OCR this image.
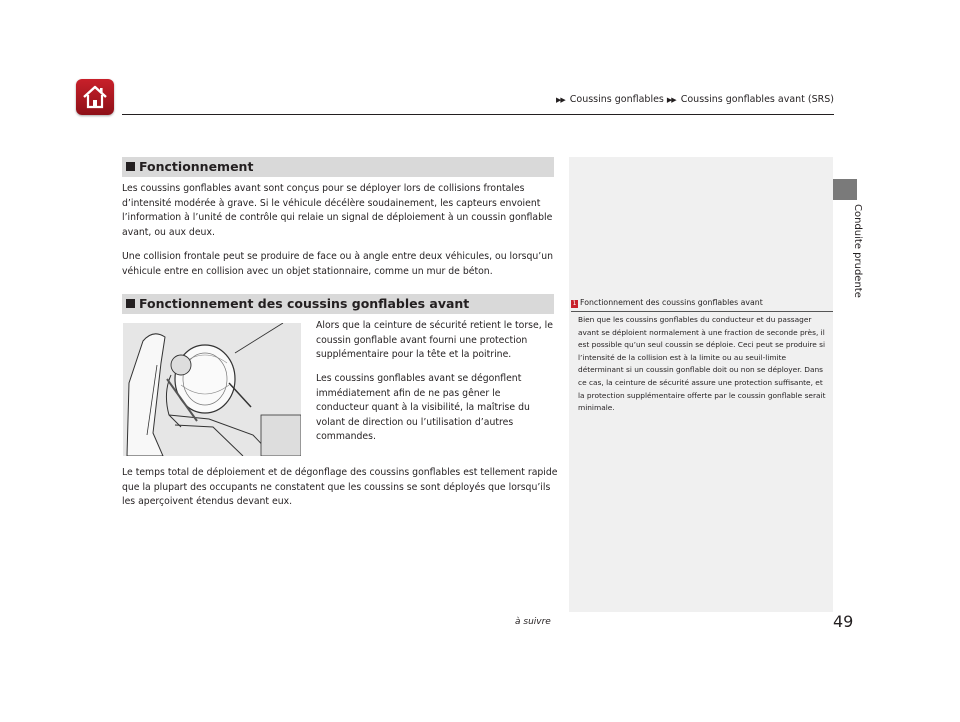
▶▶ Coussins gonflables ▶▶ Coussins gonflables avant (SRS)
Conduite prudente
Fonctionnement
Les coussins gonflables avant sont conçus pour se déployer lors de collisions frontales d’intensité modérée à grave. Si le véhicule décélère soudainement, les capteurs envoient l’information à l’unité de contrôle qui relaie un signal de déploiement à un coussin gonflable avant, ou aux deux.
Une collision frontale peut se produire de face ou à angle entre deux véhicules, ou lorsqu’un véhicule entre en collision avec un objet stationnaire, comme un mur de béton.
Fonctionnement des coussins gonflables avant
Alors que la ceinture de sécurité retient le torse, le coussin gonflable avant fourni une protection supplémentaire pour la tête et la poitrine.
Les coussins gonflables avant se dégonflent immédiatement afin de ne pas gêner le conducteur quant à la visibilité, la maîtrise du volant de direction ou l’utilisation d’autres commandes.
Le temps total de déploiement et de dégonflage des coussins gonflables est tellement rapide que la plupart des occupants ne constatent que les coussins se sont déployés que lorsqu’ils les aperçoivent étendus devant eux.
1 Fonctionnement des coussins gonflables avant
Bien que les coussins gonflables du conducteur et du passager avant se déploient normalement à une fraction de seconde près, il est possible qu’un seul coussin se déploie. Ceci peut se produire si l’intensité de la collision est à la limite ou au seuil-limite déterminant si un coussin gonflable doit ou non se déployer. Dans ce cas, la ceinture de sécurité assure une protection suffisante, et la protection supplémentaire offerte par le coussin gonflable serait minimale.
à suivre	49
